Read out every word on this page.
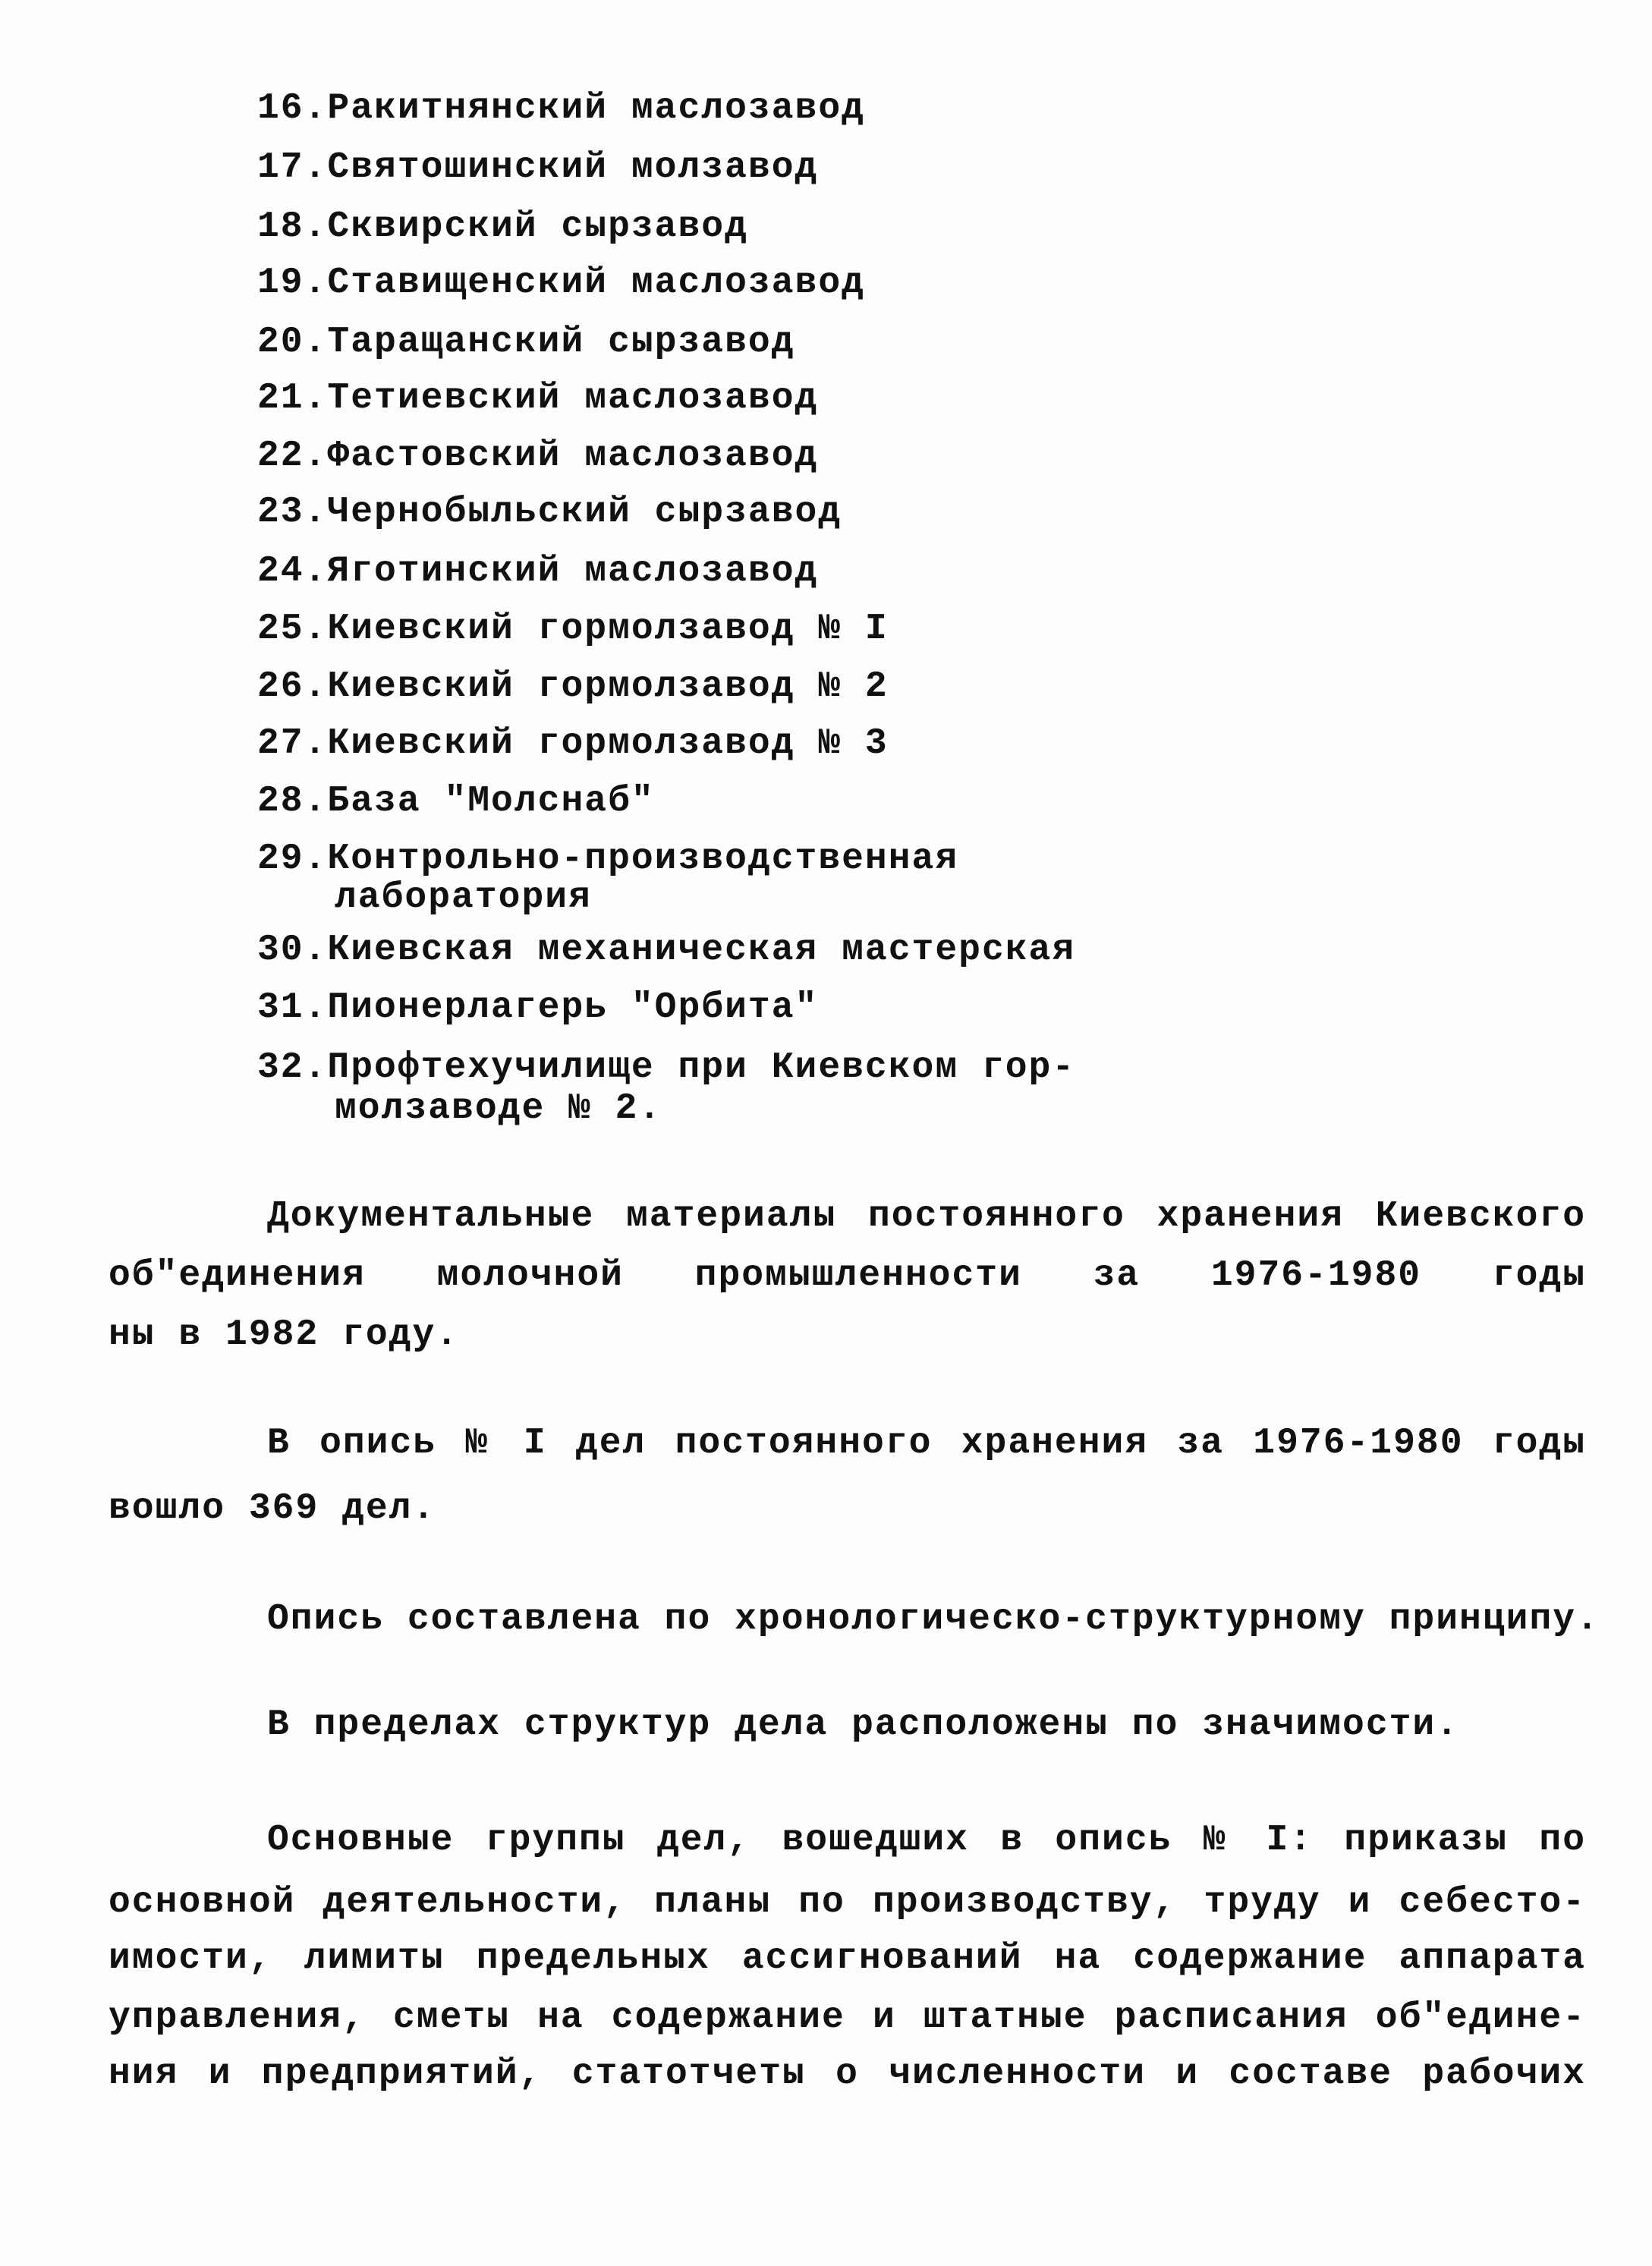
16.Ракитнянский маслозавод
17.Святошинский молзавод
18.Сквирский сырзавод
19.Ставищенский маслозавод
20.Таращанский сырзавод
21.Тетиевский маслозавод
22.Фастовский маслозавод
23.Чернобыльский сырзавод
24.Яготинский маслозавод
25.Киевский гормолзавод № I
26.Киевский гормолзавод № 2
27.Киевский гормолзавод № 3
28.База "Молснаб"
29.Контрольно-производственная
лаборатория
30.Киевская механическая мастерская
31.Пионерлагерь "Орбита"
32.Профтехучилище при Киевском гор-
молзаводе № 2.
Документальные материалы постоянного хранения Киевского
об"единения молочной промышленности за 1976-1980 годы
ны в 1982 году.
В опись № I дел постоянного хранения за 1976-1980 годы
вошло 369 дел.
Опись составлена по хронологическо-структурному принципу.
В пределах структур дела расположены по значимости.
Основные группы дел, вошедших в опись № I: приказы по
основной деятельности, планы по производству, труду и себесто-
имости, лимиты предельных ассигнований на содержание аппарата
управления, сметы на содержание и штатные расписания об"едине-
ния и предприятий, статотчеты о численности и составе рабочих
